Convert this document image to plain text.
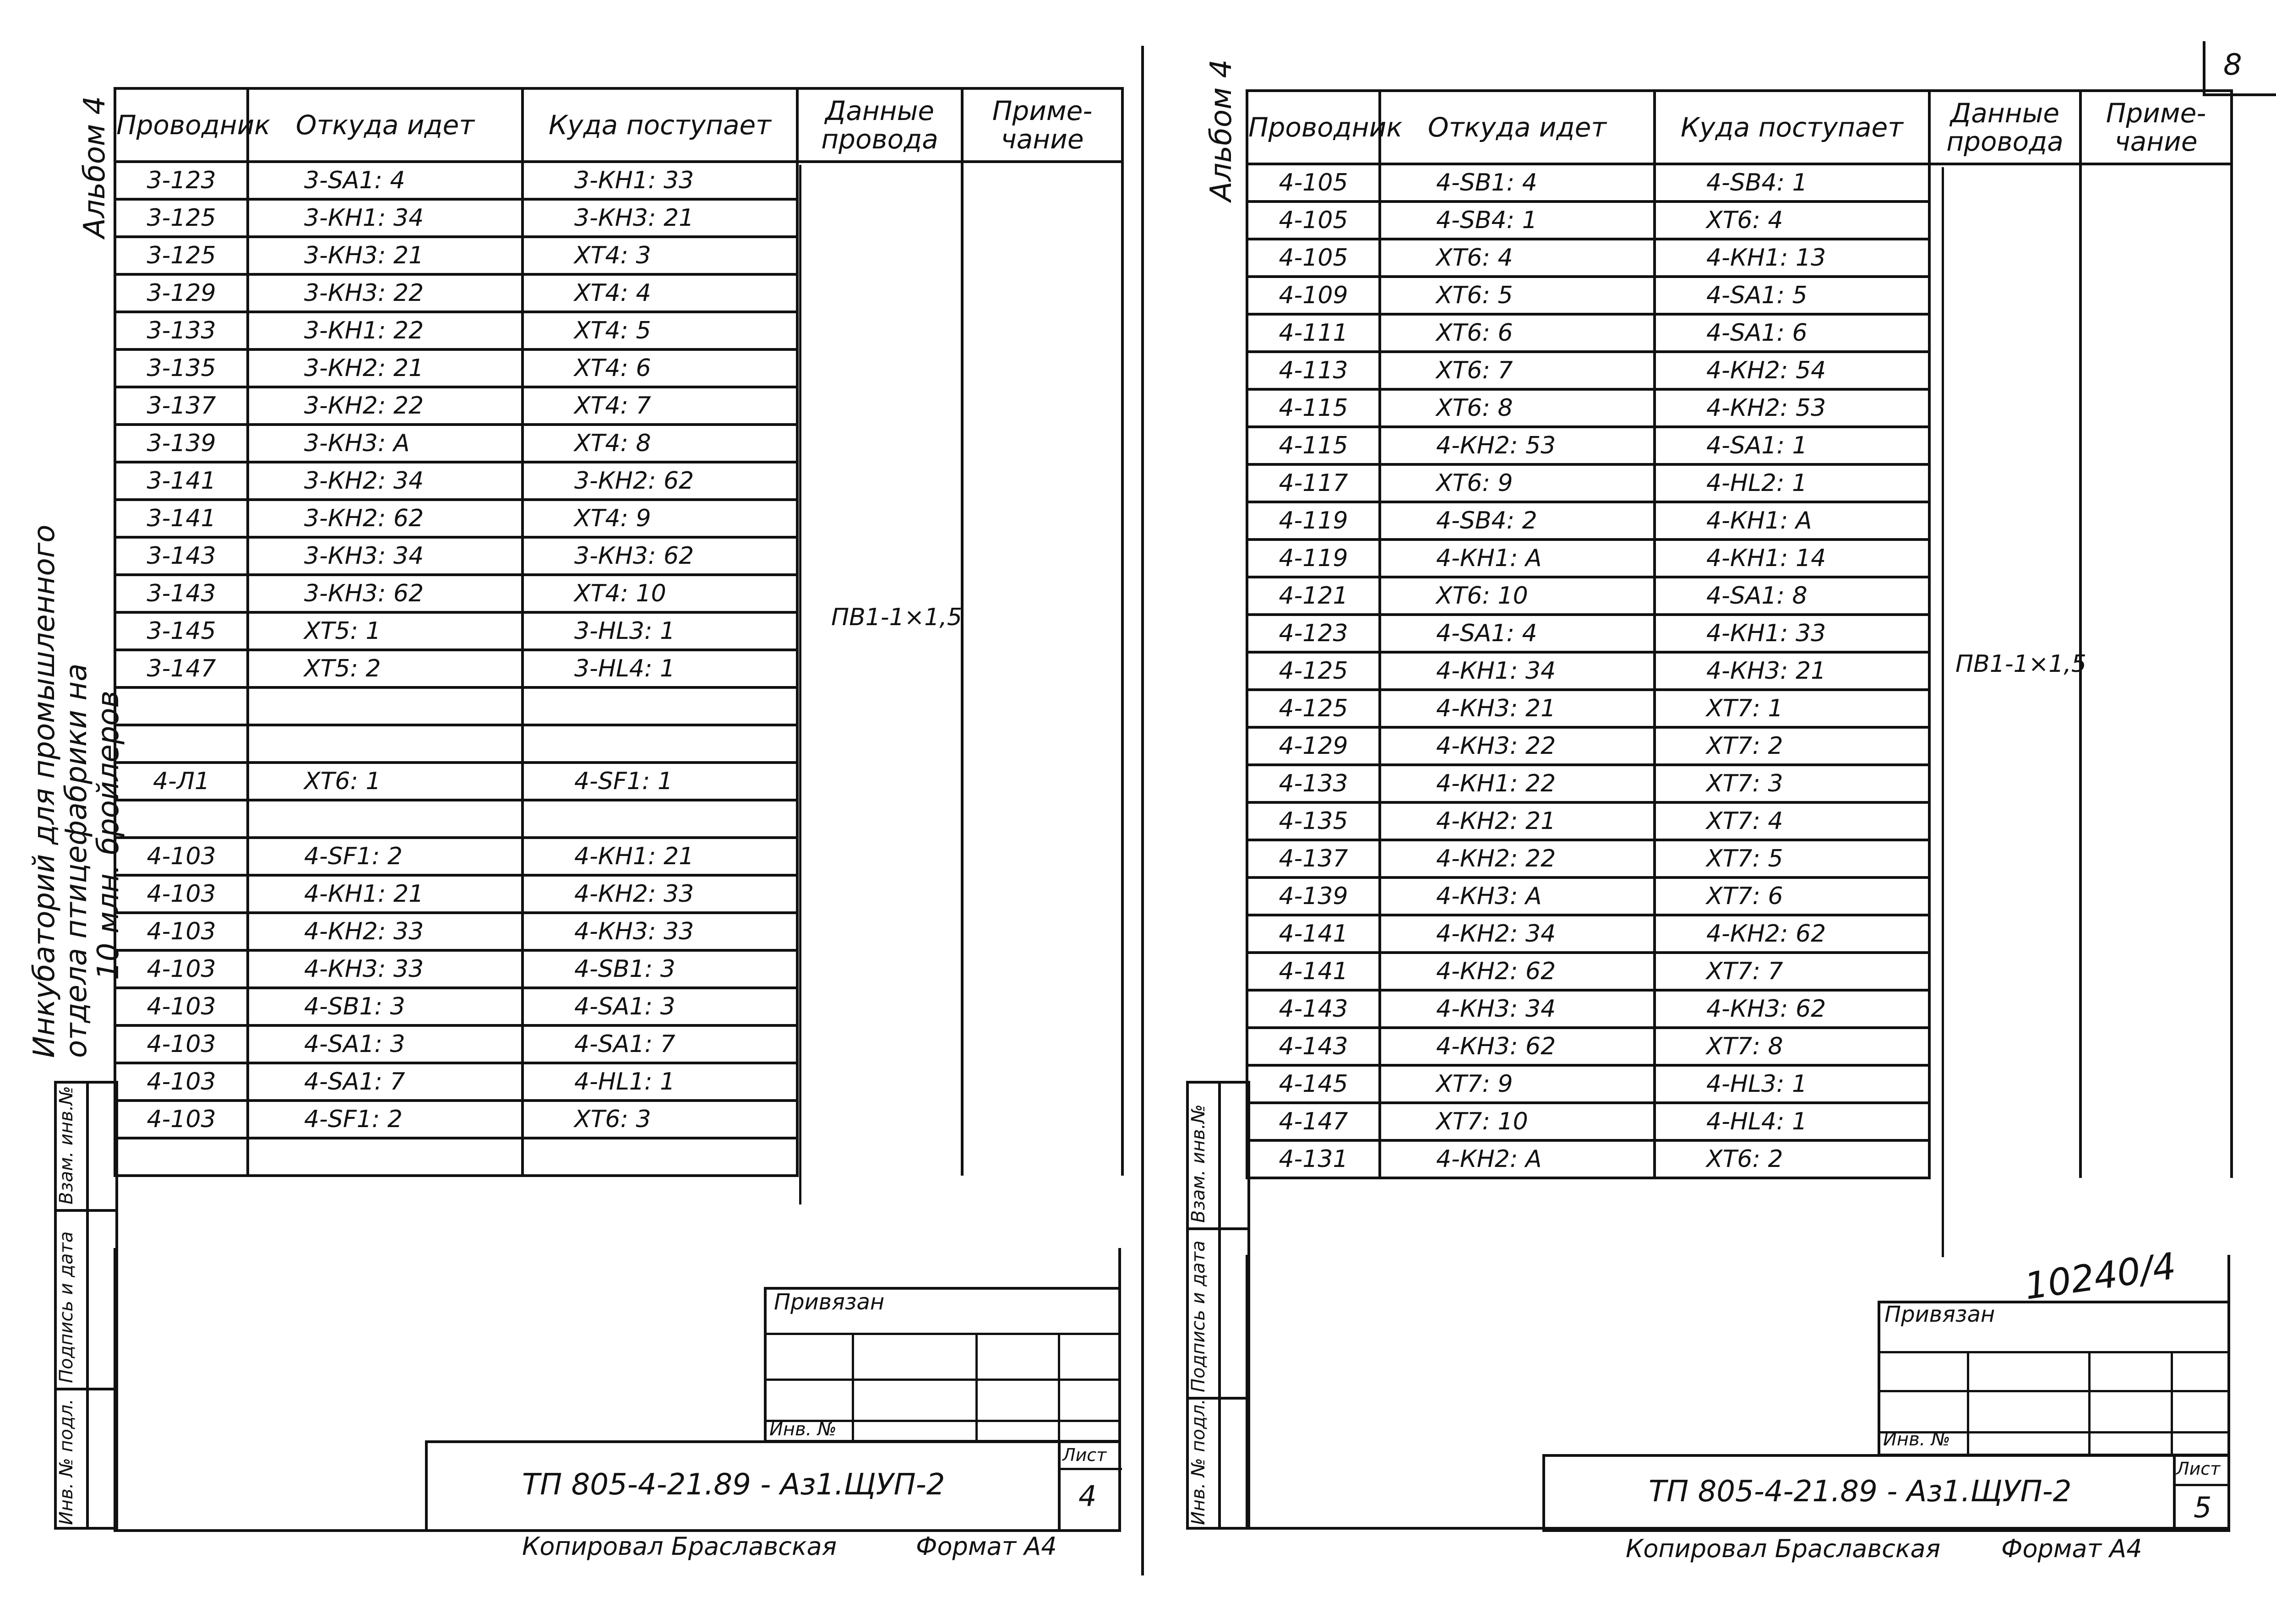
8
Проводник	Откуда идет	Куда поступает	Данные провода	Приме-чание
3-123	3-SA1: 4	3-КН1: 33		
3-125	3-КН1: 34	3-КН3: 21		
3-125	3-КН3: 21	ХТ4: 3		
3-129	3-КН3: 22	ХТ4: 4		
3-133	3-КН1: 22	ХТ4: 5		
3-135	3-КН2: 21	ХТ4: 6		
3-137	3-КН2: 22	ХТ4: 7		
3-139	3-КН3: А	ХТ4: 8		
3-141	3-КН2: 34	3-КН2: 62		
3-141	3-КН2: 62	ХТ4: 9		
3-143	3-КН3: 34	3-КН3: 62		
3-143	3-КН3: 62	ХТ4: 10		
3-145	ХТ5: 1	3-HL3: 1		
3-147	ХТ5: 2	3-HL4: 1		

4-Л1	ХТ6: 1	4-SF1: 1		

4-103	4-SF1: 2	4-КН1: 21		
4-103	4-КН1: 21	4-КН2: 33		
4-103	4-КН2: 33	4-КН3: 33		
4-103	4-КН3: 33	4-SB1: 3		
4-103	4-SB1: 3	4-SA1: 3		
4-103	4-SA1: 3	4-SA1: 7		
4-103	4-SA1: 7	4-HL1: 1		
4-103	4-SF1: 2	ХТ6: 3		

ПВ1-1×1,5
Альбом 4
Инкубаторий для промышленного
отдела птицефабрики на
10 млн. бройлеров
Инв. № подл.
Подпись и дата
Взам. инв.№
Привязан
Инв. №
ТП 805-4-21.89 - Аз1.ЩУП-2
Лист
4
Копировал Браславская	Формат А4
Проводник	Откуда идет	Куда поступает	Данные провода	Приме-чание
4-105	4-SB1: 4	4-SB4: 1		
4-105	4-SB4: 1	ХТ6: 4		
4-105	ХТ6: 4	4-КН1: 13		
4-109	ХТ6: 5	4-SA1: 5		
4-111	ХТ6: 6	4-SA1: 6		
4-113	ХТ6: 7	4-КН2: 54		
4-115	ХТ6: 8	4-КН2: 53		
4-115	4-КН2: 53	4-SA1: 1		
4-117	ХТ6: 9	4-HL2: 1		
4-119	4-SB4: 2	4-КН1: А		
4-119	4-КН1: А	4-КН1: 14		
4-121	ХТ6: 10	4-SA1: 8		
4-123	4-SA1: 4	4-КН1: 33		
4-125	4-КН1: 34	4-КН3: 21		
4-125	4-КН3: 21	ХТ7: 1		
4-129	4-КН3: 22	ХТ7: 2		
4-133	4-КН1: 22	ХТ7: 3		
4-135	4-КН2: 21	ХТ7: 4		
4-137	4-КН2: 22	ХТ7: 5		
4-139	4-КН3: А	ХТ7: 6		
4-141	4-КН2: 34	4-КН2: 62		
4-141	4-КН2: 62	ХТ7: 7		
4-143	4-КН3: 34	4-КН3: 62		
4-143	4-КН3: 62	ХТ7: 8		
4-145	ХТ7: 9	4-HL3: 1		
4-147	ХТ7: 10	4-HL4: 1		
4-131	4-КН2: А	ХТ6: 2		
ПВ1-1×1,5
Альбом 4
10240/4
Инв. № подл.
Подпись и дата
Взам. инв.№
Привязан
Инв. №
ТП 805-4-21.89 - Аз1.ЩУП-2
Лист
5
Копировал Браславская Формат А4
